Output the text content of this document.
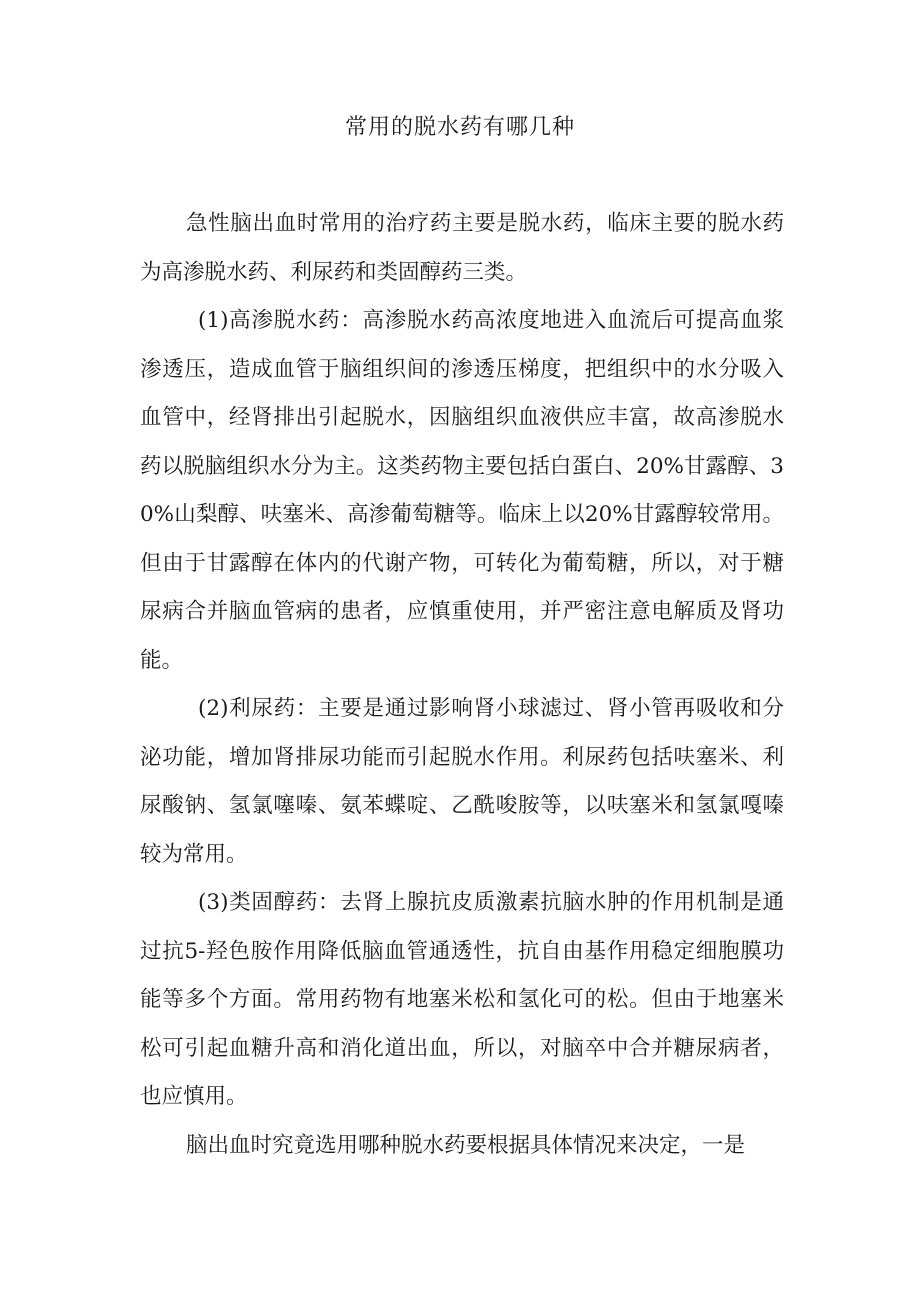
常用的脱水药有哪几种

急性脑出血时常用的治疗药主要是脱水药，临床主要的脱水药为高渗脱水药、利尿药和类固醇药三类。

(1)高渗脱水药：高渗脱水药高浓度地进入血流后可提高血浆渗透压，造成血管于脑组织间的渗透压梯度，把组织中的水分吸入血管中，经肾排出引起脱水，因脑组织血液供应丰富，故高渗脱水药以脱脑组织水分为主。这类药物主要包括白蛋白、20%甘露醇、30%山梨醇、呋塞米、高渗葡萄糖等。临床上以20%甘露醇较常用。但由于甘露醇在体内的代谢产物，可转化为葡萄糖，所以，对于糖尿病合并脑血管病的患者，应慎重使用，并严密注意电解质及肾功能。

(2)利尿药：主要是通过影响肾小球滤过、肾小管再吸收和分泌功能，增加肾排尿功能而引起脱水作用。利尿药包括呋塞米、利尿酸钠、氢氯噻嗪、氨苯蝶啶、乙酰唆胺等，以呋塞米和氢氯嘎嗪较为常用。

(3)类固醇药：去肾上腺抗皮质激素抗脑水肿的作用机制是通过抗5-羟色胺作用降低脑血管通透性，抗自由基作用稳定细胞膜功能等多个方面。常用药物有地塞米松和氢化可的松。但由于地塞米松可引起血糖升高和消化道出血，所以，对脑卒中合并糖尿病者，也应慎用。

脑出血时究竟选用哪种脱水药要根据具体情况来决定，一是
